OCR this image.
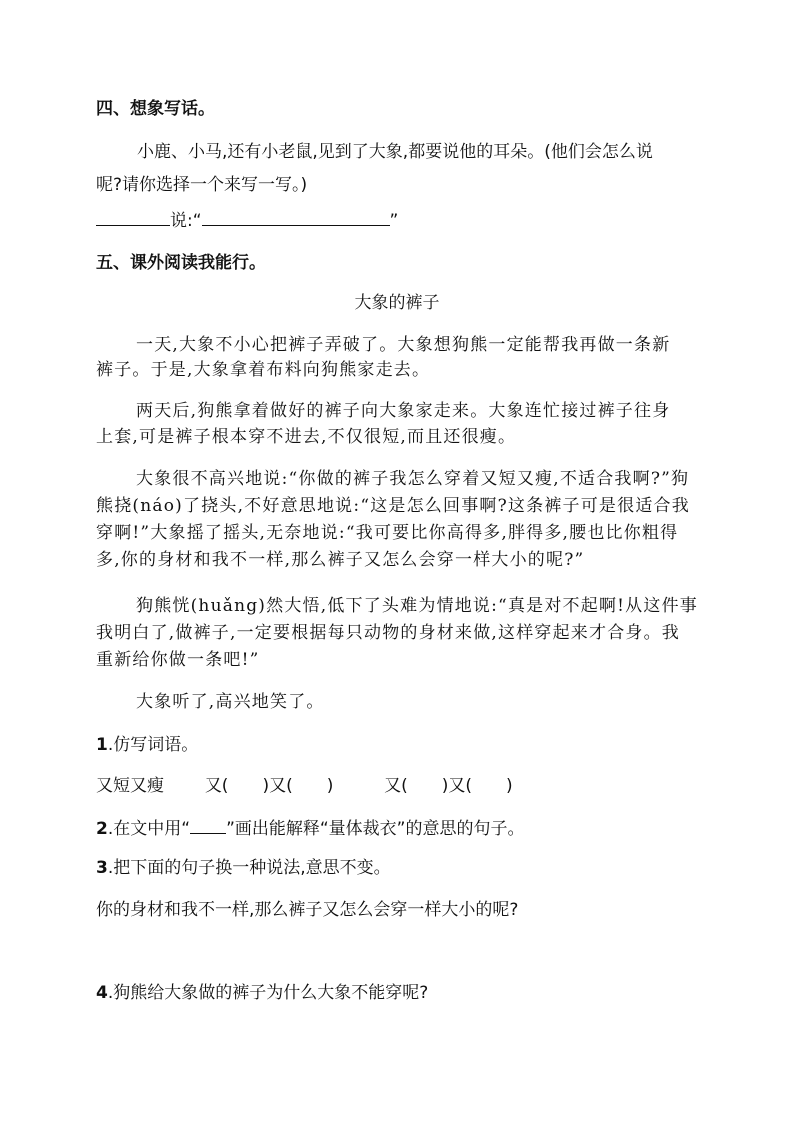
四、想象写话。
小鹿、小马,还有小老鼠,见到了大象,都要说他的耳朵。(他们会怎么说
呢?请你选择一个来写一写。)
说:“	”
五、课外阅读我能行。
大象的裤子
一天,大象不小心把裤子弄破了。大象想狗熊一定能帮我再做一条新
裤子。于是,大象拿着布料向狗熊家走去。
两天后,狗熊拿着做好的裤子向大象家走来。大象连忙接过裤子往身
上套,可是裤子根本穿不进去,不仅很短,而且还很瘦。
大象很不高兴地说:“你做的裤子我怎么穿着又短又瘦,不适合我啊?”狗
熊挠(náo)了挠头,不好意思地说:“这是怎么回事啊?这条裤子可是很适合我
穿啊!”大象摇了摇头,无奈地说:“我可要比你高得多,胖得多,腰也比你粗得
多,你的身材和我不一样,那么裤子又怎么会穿一样大小的呢?”
狗熊恍(huǎng)然大悟,低下了头难为情地说:“真是对不起啊!从这件事
我明白了,做裤子,一定要根据每只动物的身材来做,这样穿起来才合身。我
重新给你做一条吧!”
大象听了,高兴地笑了。
1.仿写词语。
又短又瘦 又(　　)又(　　)	又(　　)又(　　)
2.在文中用“ ”画出能解释“量体裁衣”的意思的句子。
3.把下面的句子换一种说法,意思不变。
你的身材和我不一样,那么裤子又怎么会穿一样大小的呢?
4.狗熊给大象做的裤子为什么大象不能穿呢?
